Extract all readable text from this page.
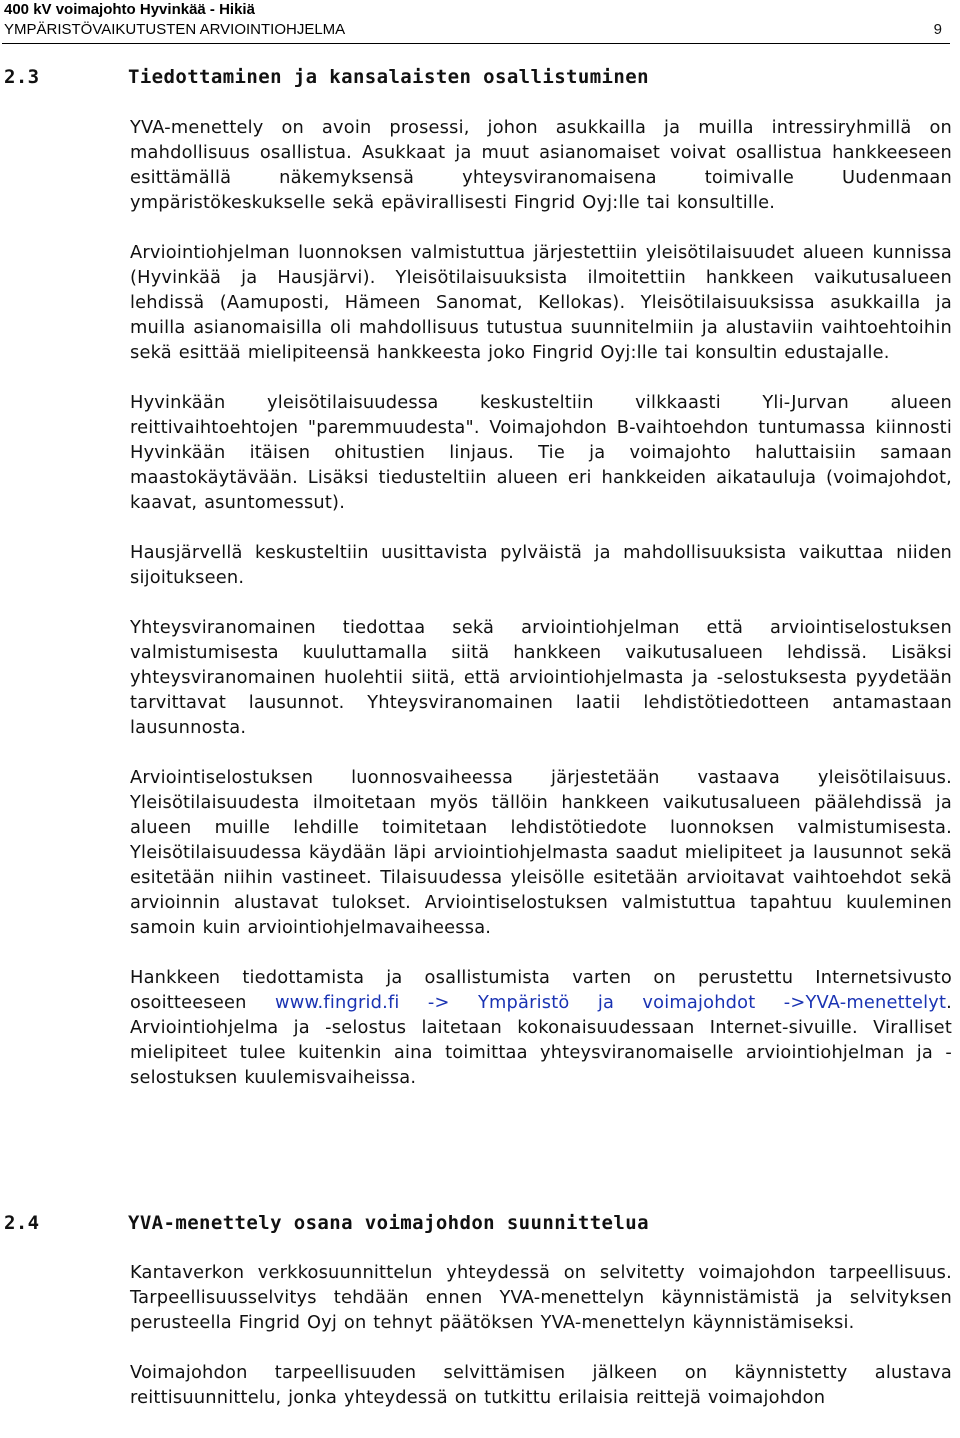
400 kV voimajohto Hyvinkää - Hikiä
YMPÄRISTÖVAIKUTUSTEN ARVIOINTIOHJELMA	9
2.3	Tiedottaminen ja kansalaisten osallistuminen

YVA-menettely on avoin prosessi, johon asukkailla ja muilla intressiryhmillä on mahdollisuus osallistua. Asukkaat ja muut asianomaiset voivat osallistua hankkeeseen esittämällä näkemyksensä yhteysviranomaisena toimivalle Uudenmaan ympäristökeskukselle sekä epävirallisesti Fingrid Oyj:lle tai konsultille.

Arviointiohjelman luonnoksen valmistuttua järjestettiin yleisötilaisuudet alueen kunnissa (Hyvinkää ja Hausjärvi). Yleisötilaisuuksista ilmoitettiin hankkeen vaikutusalueen lehdissä (Aamuposti, Hämeen Sanomat, Kellokas). Yleisötilaisuuksissa asukkailla ja muilla asianomaisilla oli mahdollisuus tutustua suunnitelmiin ja alustaviin vaihtoehtoihin sekä esittää mielipiteensä hankkeesta joko Fingrid Oyj:lle tai konsultin edustajalle.

Hyvinkään yleisötilaisuudessa keskusteltiin vilkkaasti Yli-Jurvan alueen reittivaihtoehtojen "paremmuudesta". Voimajohdon B-vaihtoehdon tuntumassa kiinnosti Hyvinkään itäisen ohitustien linjaus. Tie ja voimajohto haluttaisiin samaan maastokäytävään. Lisäksi tiedusteltiin alueen eri hankkeiden aikatauluja (voimajohdot, kaavat, asuntomessut).

Hausjärvellä keskusteltiin uusittavista pylväistä ja mahdollisuuksista vaikuttaa niiden sijoitukseen.

Yhteysviranomainen tiedottaa sekä arviointiohjelman että arviointiselostuksen valmistumisesta kuuluttamalla siitä hankkeen vaikutusalueen lehdissä. Lisäksi yhteysviranomainen huolehtii siitä, että arviointiohjelmasta ja -selostuksesta pyydetään tarvittavat lausunnot. Yhteysviranomainen laatii lehdistötiedotteen antamastaan lausunnosta.

Arviointiselostuksen luonnosvaiheessa järjestetään vastaava yleisötilaisuus. Yleisötilaisuudesta ilmoitetaan myös tällöin hankkeen vaikutusalueen päälehdissä ja alueen muille lehdille toimitetaan lehdistötiedote luonnoksen valmistumisesta. Yleisötilaisuudessa käydään läpi arviointiohjelmasta saadut mielipiteet ja lausunnot sekä esitetään niihin vastineet. Tilaisuudessa yleisölle esitetään arvioitavat vaihtoehdot sekä arvioinnin alustavat tulokset. Arviointiselostuksen valmistuttua tapahtuu kuuleminen samoin kuin arviointiohjelmavaiheessa.

Hankkeen tiedottamista ja osallistumista varten on perustettu Internetsivusto osoitteeseen www.fingrid.fi -> Ympäristö ja voimajohdot ->YVA-menettelyt. Arviointiohjelma ja -selostus laitetaan kokonaisuudessaan Internet-sivuille. Viralliset mielipiteet tulee kuitenkin aina toimittaa yhteysviranomaiselle arviointiohjelman ja -selostuksen kuulemisvaiheissa.

2.4	YVA-menettely osana voimajohdon suunnittelua

Kantaverkon verkkosuunnittelun yhteydessä on selvitetty voimajohdon tarpeellisuus. Tarpeellisuusselvitys tehdään ennen YVA-menettelyn käynnistämistä ja selvityksen perusteella Fingrid Oyj on tehnyt päätöksen YVA-menettelyn käynnistämiseksi.

Voimajohdon tarpeellisuuden selvittämisen jälkeen on käynnistetty alustava reittisuunnittelu, jonka yhteydessä on tutkittu erilaisia reittejä voimajohdon
